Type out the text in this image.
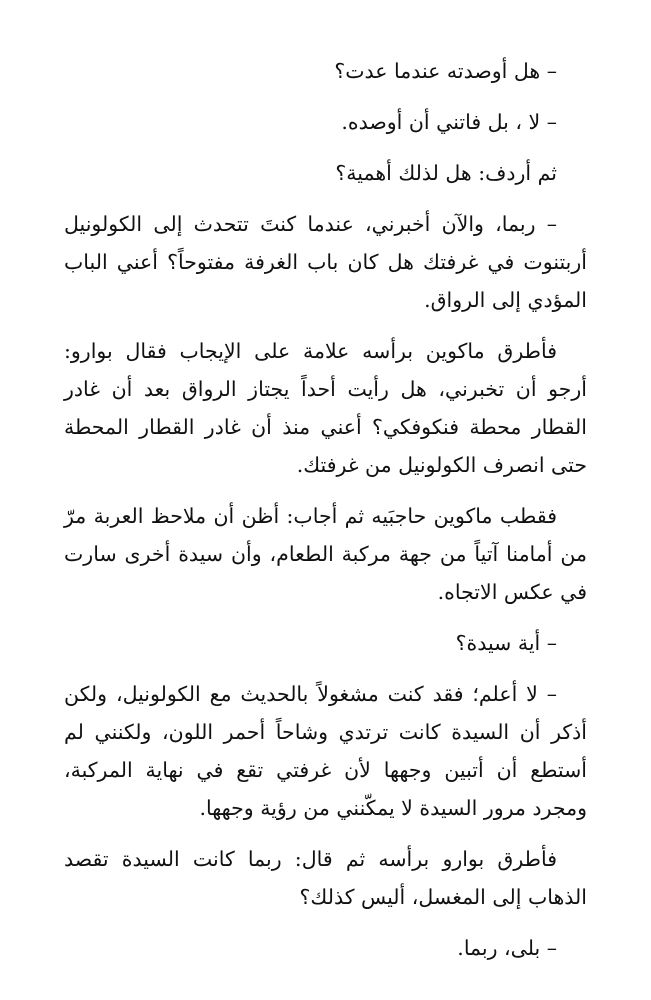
– هل أوصدته عندما عدت؟

– لا ، بل فاتني أن أوصده.

ثم أردف: هل لذلك أهمية؟

– ربما، والآن أخبرني، عندما كنتَ تتحدث إلى الكولونيل أربتنوت في غرفتك هل كان باب الغرفة مفتوحاً؟ أعني الباب المؤدي إلى الرواق.

فأطرق ماكوين برأسه علامة على الإيجاب فقال بوارو: أرجو أن تخبرني، هل رأيت أحداً يجتاز الرواق بعد أن غادر القطار محطة فنكوفكي؟ أعني منذ أن غادر القطار المحطة حتى انصرف الكولونيل من غرفتك.

فقطب ماكوين حاجبَيه ثم أجاب: أظن أن ملاحظ العربة مرّ من أمامنا آتياً من جهة مركبة الطعام، وأن سيدة أخرى سارت في عكس الاتجاه.

– أية سيدة؟

– لا أعلم؛ فقد كنت مشغولاً بالحديث مع الكولونيل، ولكن أذكر أن السيدة كانت ترتدي وشاحاً أحمر اللون، ولكنني لم أستطع أن أتبين وجهها لأن غرفتي تقع في نهاية المركبة، ومجرد مرور السيدة لا يمكّنني من رؤية وجهها.

فأطرق بوارو برأسه ثم قال: ربما كانت السيدة تقصد الذهاب إلى المغسل، أليس كذلك؟

– بلى، ربما.
